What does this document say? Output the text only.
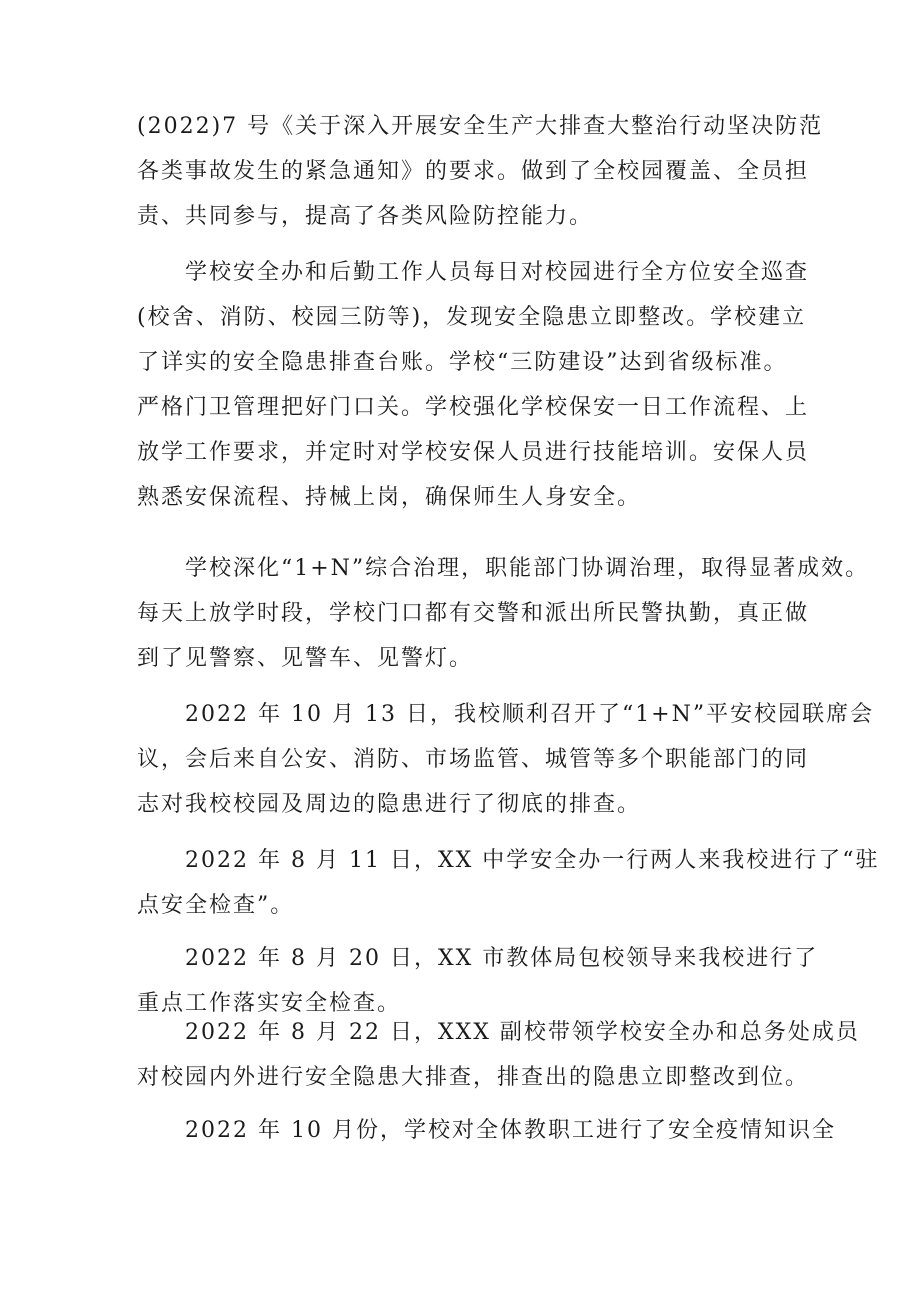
(2022)7 号《关于深入开展安全生产大排查大整治行动坚决防范
各类事故发生的紧急通知》的要求。做到了全校园覆盖、全员担
责、共同参与，提高了各类风险防控能力。

学校安全办和后勤工作人员每日对校园进行全方位安全巡查
(校舍、消防、校园三防等)，发现安全隐患立即整改。学校建立
了详实的安全隐患排查台账。学校“三防建设”达到省级标准。
严格门卫管理把好门口关。学校强化学校保安一日工作流程、上
放学工作要求，并定时对学校安保人员进行技能培训。安保人员
熟悉安保流程、持械上岗，确保师生人身安全。

学校深化“1+N”综合治理，职能部门协调治理，取得显著成效。
每天上放学时段，学校门口都有交警和派出所民警执勤，真正做
到了见警察、见警车、见警灯。

2022 年 10 月 13 日，我校顺利召开了“1+N”平安校园联席会
议，会后来自公安、消防、市场监管、城管等多个职能部门的同
志对我校校园及周边的隐患进行了彻底的排查。

2022 年 8 月 11 日，XX 中学安全办一行两人来我校进行了“驻
点安全检查”。

2022 年 8 月 20 日，XX 市教体局包校领导来我校进行了
重点工作落实安全检查。

2022 年 8 月 22 日，XXX 副校带领学校安全办和总务处成员
对校园内外进行安全隐患大排查，排查出的隐患立即整改到位。

2022 年 10 月份，学校对全体教职工进行了安全疫情知识全
